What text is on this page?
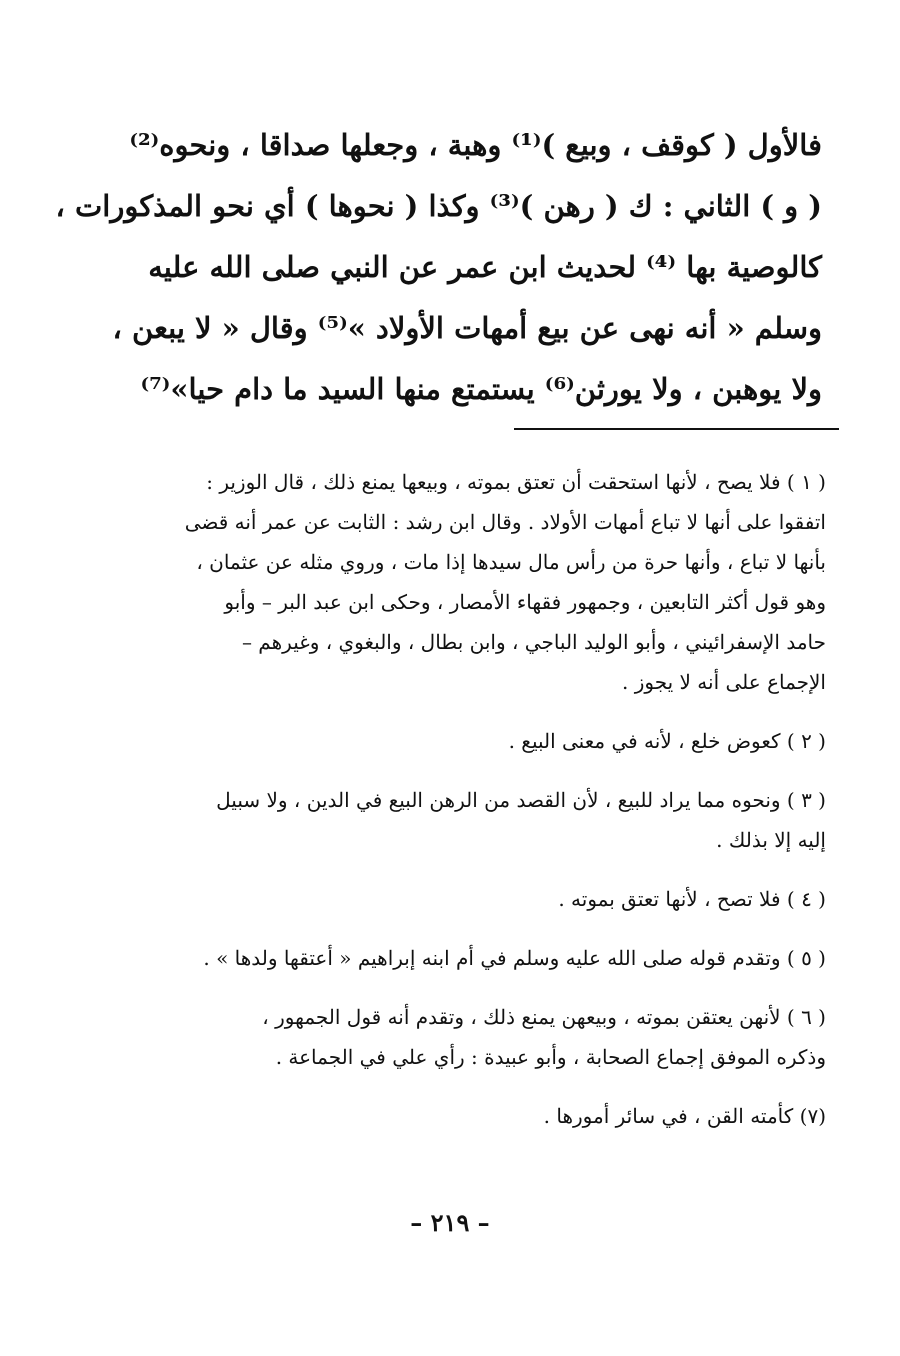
فالأول ( كوقف ، وبيع )⁽¹⁾ وهبة ، وجعلها صداقا ، ونحوه⁽²⁾
( و ) الثاني : ك ( رهن )⁽³⁾ وكذا ( نحوها ) أي نحو المذكورات ،
كالوصية بها ⁽⁴⁾ لحديث ابن عمر عن النبي صلى الله عليه
وسلم « أنه نهى عن بيع أمهات الأولاد »⁽⁵⁾ وقال « لا يبعن ،
ولا يوهبن ، ولا يورثن⁽⁶⁾ يستمتع منها السيد ما دام حيا»⁽⁷⁾

( ١ ) فلا يصح ، لأنها استحقت أن تعتق بموته ، وبيعها يمنع ذلك ، قال الوزير :
اتفقوا على أنها لا تباع أمهات الأولاد . وقال ابن رشد : الثابت عن عمر أنه قضى
بأنها لا تباع ، وأنها حرة من رأس مال سيدها إذا مات ، وروي مثله عن عثمان ،
وهو قول أكثر التابعين ، وجمهور فقهاء الأمصار ، وحكى ابن عبد البر – وأبو
حامد الإسفرائيني ، وأبو الوليد الباجي ، وابن بطال ، والبغوي ، وغيرهم –
الإجماع على أنه لا يجوز .

( ٢ ) كعوض خلع ، لأنه في معنى البيع .

( ٣ ) ونحوه مما يراد للبيع ، لأن القصد من الرهن البيع في الدين ، ولا سبيل
إليه إلا بذلك .

( ٤ ) فلا تصح ، لأنها تعتق بموته .

( ٥ ) وتقدم قوله صلى الله عليه وسلم في أم ابنه إبراهيم « أعتقها ولدها » .

( ٦ ) لأنهن يعتقن بموته ، وبيعهن يمنع ذلك ، وتقدم أنه قول الجمهور ،
وذكره الموفق إجماع الصحابة ، وأبو عبيدة : رأي علي في الجماعة .

(٧) كأمته القن ، في سائر أمورها .

– ٢١٩ –
